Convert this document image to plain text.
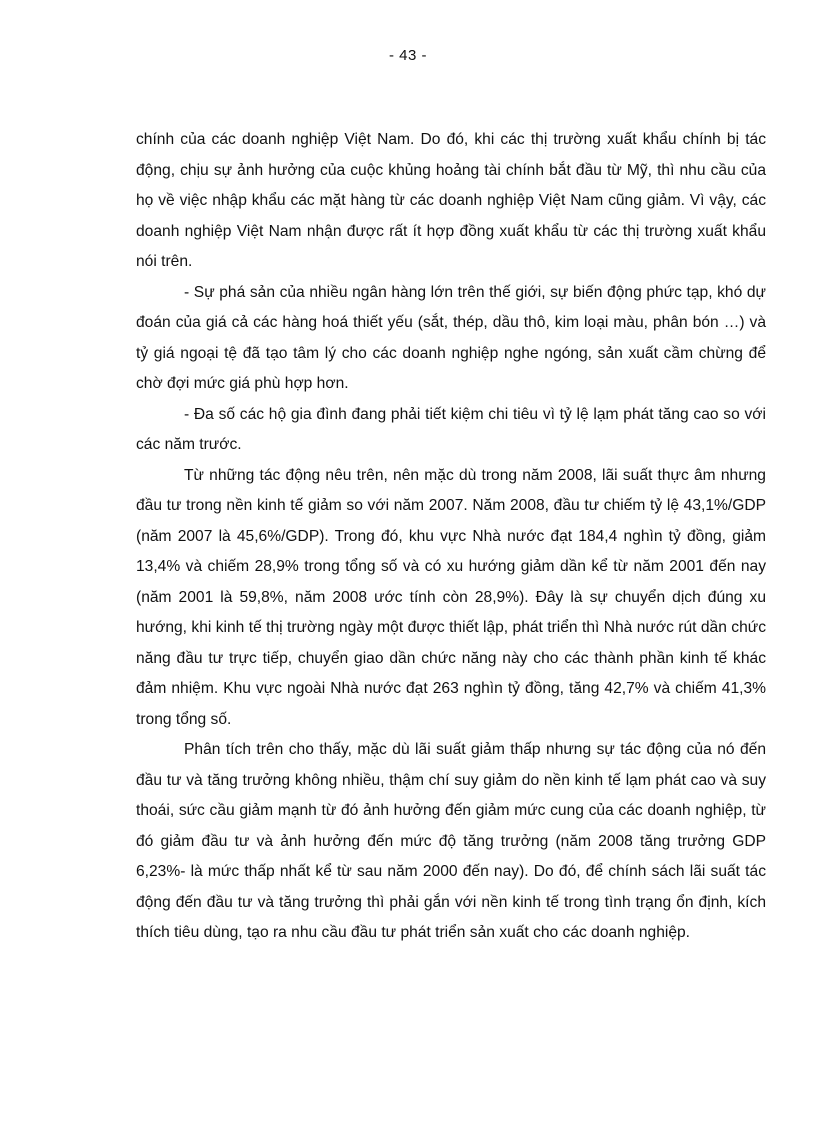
- 43 -

chính của các doanh nghiệp Việt Nam. Do đó, khi các thị trường xuất khẩu chính bị tác động, chịu sự ảnh hưởng của cuộc khủng hoảng tài chính bắt đầu từ Mỹ, thì nhu cầu của họ về việc nhập khẩu các mặt hàng từ các doanh nghiệp Việt Nam cũng giảm. Vì vậy, các doanh nghiệp Việt Nam nhận được rất ít hợp đồng xuất khẩu từ các thị trường xuất khẩu nói trên.

- Sự phá sản của nhiều ngân hàng lớn trên thế giới, sự biến động phức tạp, khó dự đoán của giá cả các hàng hoá thiết yếu (sắt, thép, dầu thô, kim loại màu, phân bón …) và tỷ giá ngoại tệ đã tạo tâm lý cho các doanh nghiệp nghe ngóng, sản xuất cầm chừng để chờ đợi mức giá phù hợp hơn.

- Đa số các hộ gia đình đang phải tiết kiệm chi tiêu vì tỷ lệ lạm phát tăng cao so với các năm trước.

Từ những tác động nêu trên, nên mặc dù trong năm 2008, lãi suất thực âm nhưng đầu tư trong nền kinh tế giảm so với năm 2007. Năm 2008, đầu tư chiếm tỷ lệ 43,1%/GDP (năm 2007 là 45,6%/GDP). Trong đó, khu vực Nhà nước đạt 184,4 nghìn tỷ đồng, giảm 13,4% và chiếm 28,9% trong tổng số và có xu hướng giảm dần kể từ năm 2001 đến nay (năm 2001 là 59,8%, năm 2008 ước tính còn 28,9%). Đây là sự chuyển dịch đúng xu hướng, khi kinh tế thị trường ngày một được thiết lập, phát triển thì Nhà nước rút dần chức năng đầu tư trực tiếp, chuyển giao dần chức năng này cho các thành phần kinh tế khác đảm nhiệm. Khu vực ngoài Nhà nước đạt 263 nghìn tỷ đồng, tăng 42,7% và chiếm 41,3% trong tổng số.

Phân tích trên cho thấy, mặc dù lãi suất giảm thấp nhưng sự tác động của nó đến đầu tư và tăng trưởng không nhiều, thậm chí suy giảm do nền kinh tế lạm phát cao và suy thoái, sức cầu giảm mạnh từ đó ảnh hưởng đến giảm mức cung của các doanh nghiệp, từ đó giảm đầu tư và ảnh hưởng đến mức độ tăng trưởng (năm 2008 tăng trưởng GDP 6,23%- là mức thấp nhất kể từ sau năm 2000 đến nay). Do đó, để chính sách lãi suất tác động đến đầu tư và tăng trưởng thì phải gắn với nền kinh tế trong tình trạng ổn định, kích thích tiêu dùng, tạo ra nhu cầu đầu tư phát triển sản xuất cho các doanh nghiệp.
